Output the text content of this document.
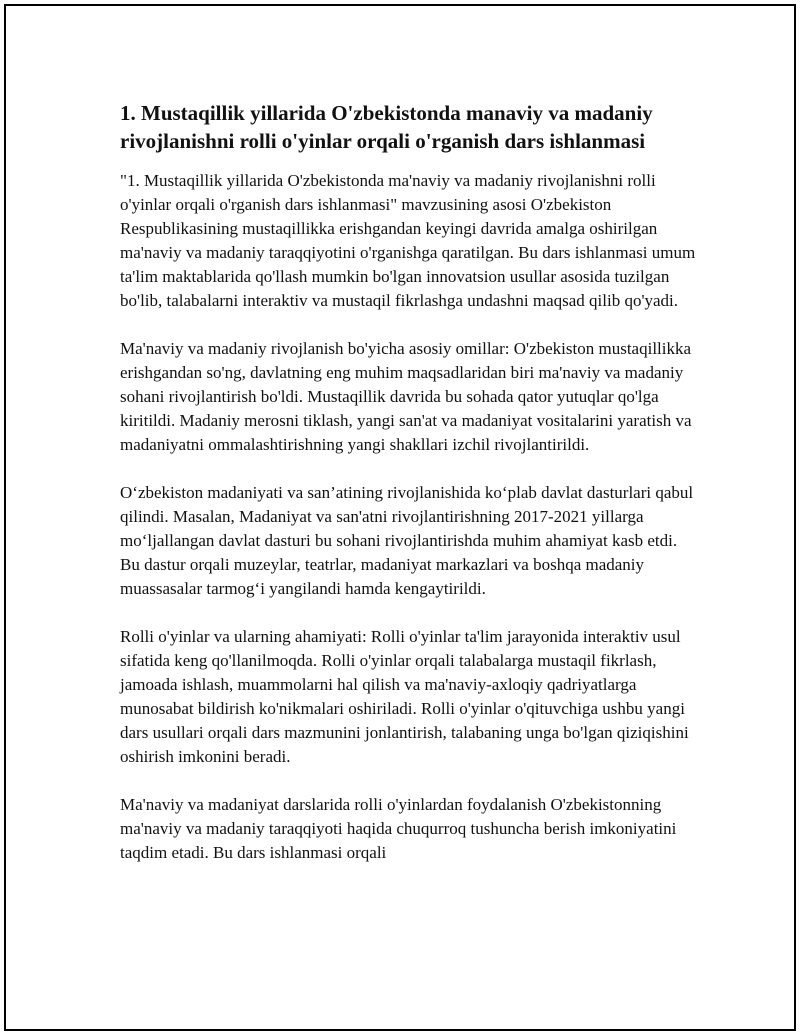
1. Mustaqillik yillarida O'zbekistonda manaviy va madaniy rivojlanishni rolli o'yinlar orqali o'rganish dars ishlanmasi

"1. Mustaqillik yillarida O'zbekistonda ma'naviy va madaniy rivojlanishni rolli o'yinlar orqali o'rganish dars ishlanmasi" mavzusining asosi O'zbekiston Respublikasining mustaqillikka erishgandan keyingi davrida amalga oshirilgan ma'naviy va madaniy taraqqiyotini o'rganishga qaratilgan. Bu dars ishlanmasi umum ta'lim maktablarida qo'llash mumkin bo'lgan innovatsion usullar asosida tuzilgan bo'lib, talabalarni interaktiv va mustaqil fikrlashga undashni maqsad qilib qo'yadi.

Ma'naviy va madaniy rivojlanish bo'yicha asosiy omillar: O'zbekiston mustaqillikka erishgandan so'ng, davlatning eng muhim maqsadlaridan biri ma'naviy va madaniy sohani rivojlantirish bo'ldi. Mustaqillik davrida bu sohada qator yutuqlar qo'lga kiritildi. Madaniy merosni tiklash, yangi san'at va madaniyat vositalarini yaratish va madaniyatni ommalashtirishning yangi shakllari izchil rivojlantirildi.

O‘zbekiston madaniyati va san’atining rivojlanishida ko‘plab davlat dasturlari qabul qilindi. Masalan, Madaniyat va san'atni rivojlantirishning 2017-2021 yillarga mo‘ljallangan davlat dasturi bu sohani rivojlantirishda muhim ahamiyat kasb etdi. Bu dastur orqali muzeylar, teatrlar, madaniyat markazlari va boshqa madaniy muassasalar tarmog‘i yangilandi hamda kengaytirildi.

Rolli o'yinlar va ularning ahamiyati: Rolli o'yinlar ta'lim jarayonida interaktiv usul sifatida keng qo'llanilmoqda. Rolli o'yinlar orqali talabalarga mustaqil fikrlash, jamoada ishlash, muammolarni hal qilish va ma'naviy-axloqiy qadriyatlarga munosabat bildirish ko'nikmalari oshiriladi. Rolli o'yinlar o'qituvchiga ushbu yangi dars usullari orqali dars mazmunini jonlantirish, talabaning unga bo'lgan qiziqishini oshirish imkonini beradi.

Ma'naviy va madaniyat darslarida rolli o'yinlardan foydalanish O'zbekistonning ma'naviy va madaniy taraqqiyoti haqida chuqurroq tushuncha berish imkoniyatini taqdim etadi. Bu dars ishlanmasi orqali
